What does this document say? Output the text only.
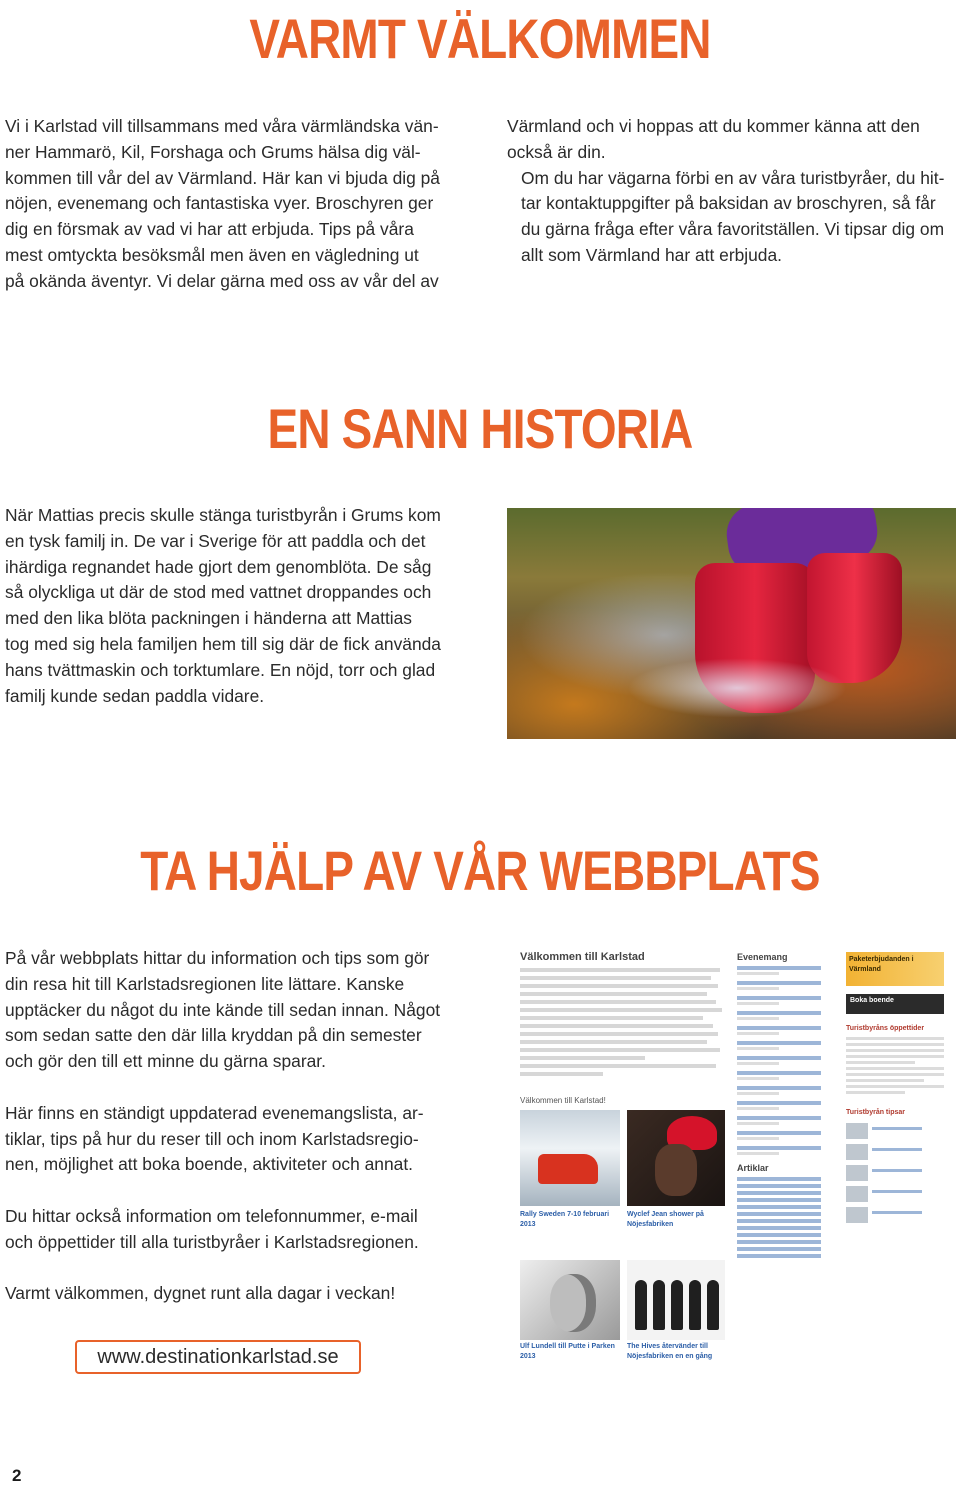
VARMT VÄLKOMMEN

Vi i Karlstad vill tillsammans med våra värmländska vän-

ner Hammarö, Kil, Forshaga och Grums hälsa dig väl-

kommen till vår del av Värmland. Här kan vi bjuda dig på

nöjen, evenemang och fantastiska vyer. Broschyren ger

dig en försmak av vad vi har att erbjuda. Tips på våra

mest omtyckta besöksmål men även en vägledning ut

på okända äventyr. Vi delar gärna med oss av vår del av

Värmland och vi hoppas att du kommer känna att den

också är din.

Om du har vägarna förbi en av våra turistbyråer, du hit-

tar kontaktuppgifter på baksidan av broschyren, så får

du gärna fråga efter våra favoritställen. Vi tipsar dig om

allt som Värmland har att erbjuda.

EN SANN HISTORIA

När Mattias precis skulle stänga turistbyrån i Grums kom

en tysk familj in. De var i Sverige för att paddla och det

ihärdiga regnandet hade gjort dem genomblöta. De såg

så olyckliga ut där de stod med vattnet droppandes och

med den lika blöta packningen i händerna att Mattias

tog med sig hela familjen hem till sig där de fick använda

hans tvättmaskin och torktumlare. En nöjd, torr och glad

familj kunde sedan paddla vidare.

TA HJÄLP AV VÅR WEBBPLATS

På vår webbplats hittar du information och tips som gör

din resa hit till Karlstadsregionen lite lättare. Kanske

upptäcker du något du inte kände till sedan innan. Något

som sedan satte den där lilla kryddan på din semester

och gör den till ett minne du gärna sparar.

Här finns en ständigt uppdaterad evenemangslista, ar-

tiklar, tips på hur du reser till och inom Karlstadsregio-

nen, möjlighet att boka boende, aktiviteter och annat.

Du hittar också information om telefonnummer, e-mail

och öppettider till alla turistbyråer i Karlstadsregionen.

Varmt välkommen, dygnet runt alla dagar i veckan!

www.destinationkarlstad.se
Välkommen till Karlstad
Välkommen till Karlstad!
Rally Sweden 7-10 februari 2013
Wyclef Jean shower på Nöjesfabriken
Ulf Lundell till Putte i Parken 2013
The Hives återvänder till Nöjesfabriken en en gång
Evenemang
Artiklar
Paketerbjudanden i Värmland
Boka boende
Turistbyråns öppettider
Turistbyrån tipsar
2
